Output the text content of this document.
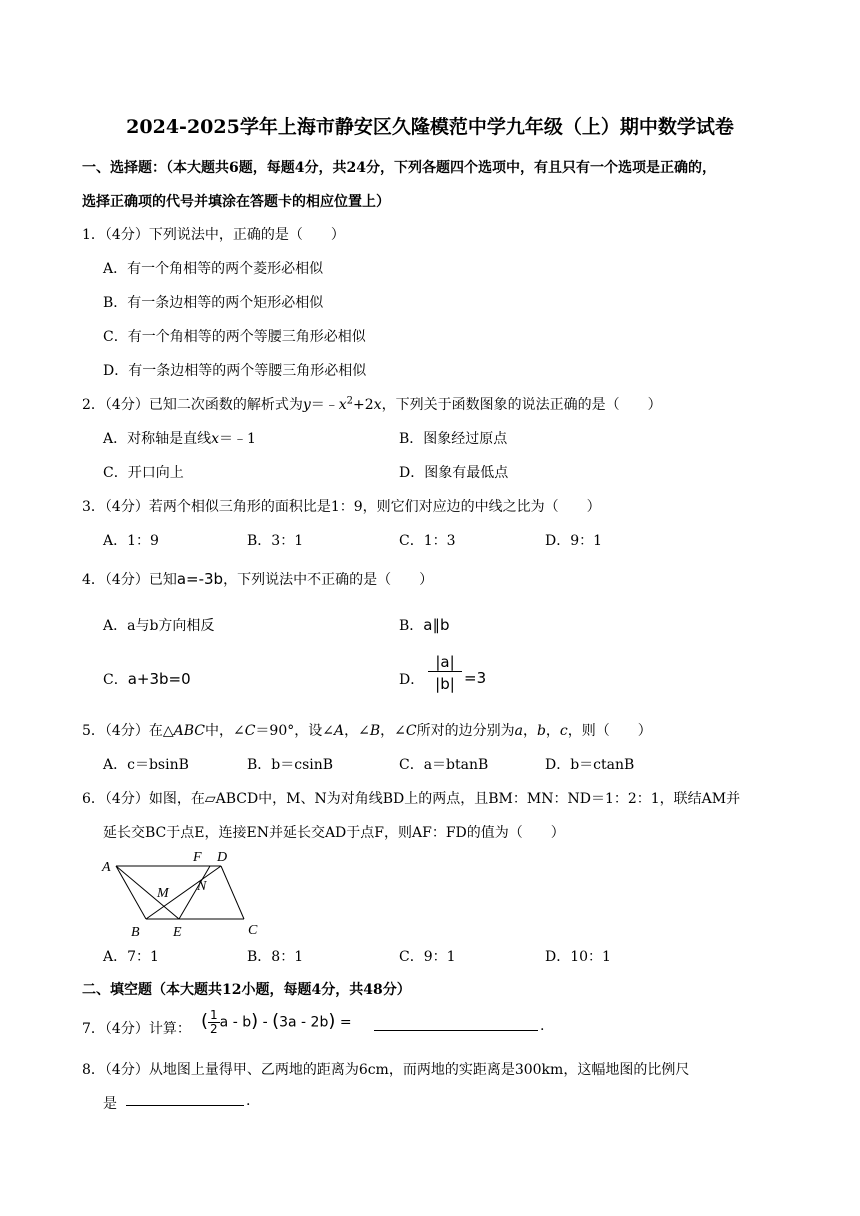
2024-2025学年上海市静安区久隆模范中学九年级（上）期中数学试卷
一、选择题：（本大题共6题，每题4分，共24分，下列各题四个选项中，有且只有一个选项是正确的，
选择正确项的代号并填涂在答题卡的相应位置上）
1．（4分）下列说法中，正确的是（　　）
A．有一个角相等的两个菱形必相似
B．有一条边相等的两个矩形必相似
C．有一个角相等的两个等腰三角形必相似
D．有一条边相等的两个等腰三角形必相似
2．（4分）已知二次函数的解析式为$y=﹣x^2+2x$，下列关于函数图象的说法正确的是（　　）
A．对称轴是直线x＝﹣1	B．图象经过原点
C．开口向上	D．图象有最低点
3．（4分）若两个相似三角形的面积比是1：9，则它们对应边的中线之比为（　　）
A．1：9	B．3：1	C．1：3	D．9：1
4．（4分）已知a=-3b，下列说法中不正确的是（　　）
A．a与b方向相反	B．a∥b
C．a+3b=0	D．
|a|
|b| =3
5．（4分）在△ABC中，∠C＝90°，设∠A，∠B，∠C所对的边分别为a，b，c，则（　　）
A．c＝bsinB	B．b＝csinB	C．a＝btanB	D．b＝ctanB
6．（4分）如图，在▱ABCD中，M、N为对角线BD上的两点，且BM：MN：ND＝1：2：1，联结AM并
延长交BC于点E，连接EN并延长交AD于点F，则AF：FD的值为（　　）
A
B	C
D
E
F
M N
A．7：1	B．8：1	C．9：1	D．10：1
二、填空题（本大题共12小题，每题4分，共48分）
7．（4分）计算： ( $\frac{1}{2}$ a - b) - (3a - 2b) =	.
8．（4分）从地图上量得甲、乙两地的距离为6cm，而两地的实距离是300km，这幅地图的比例尺
是	.
